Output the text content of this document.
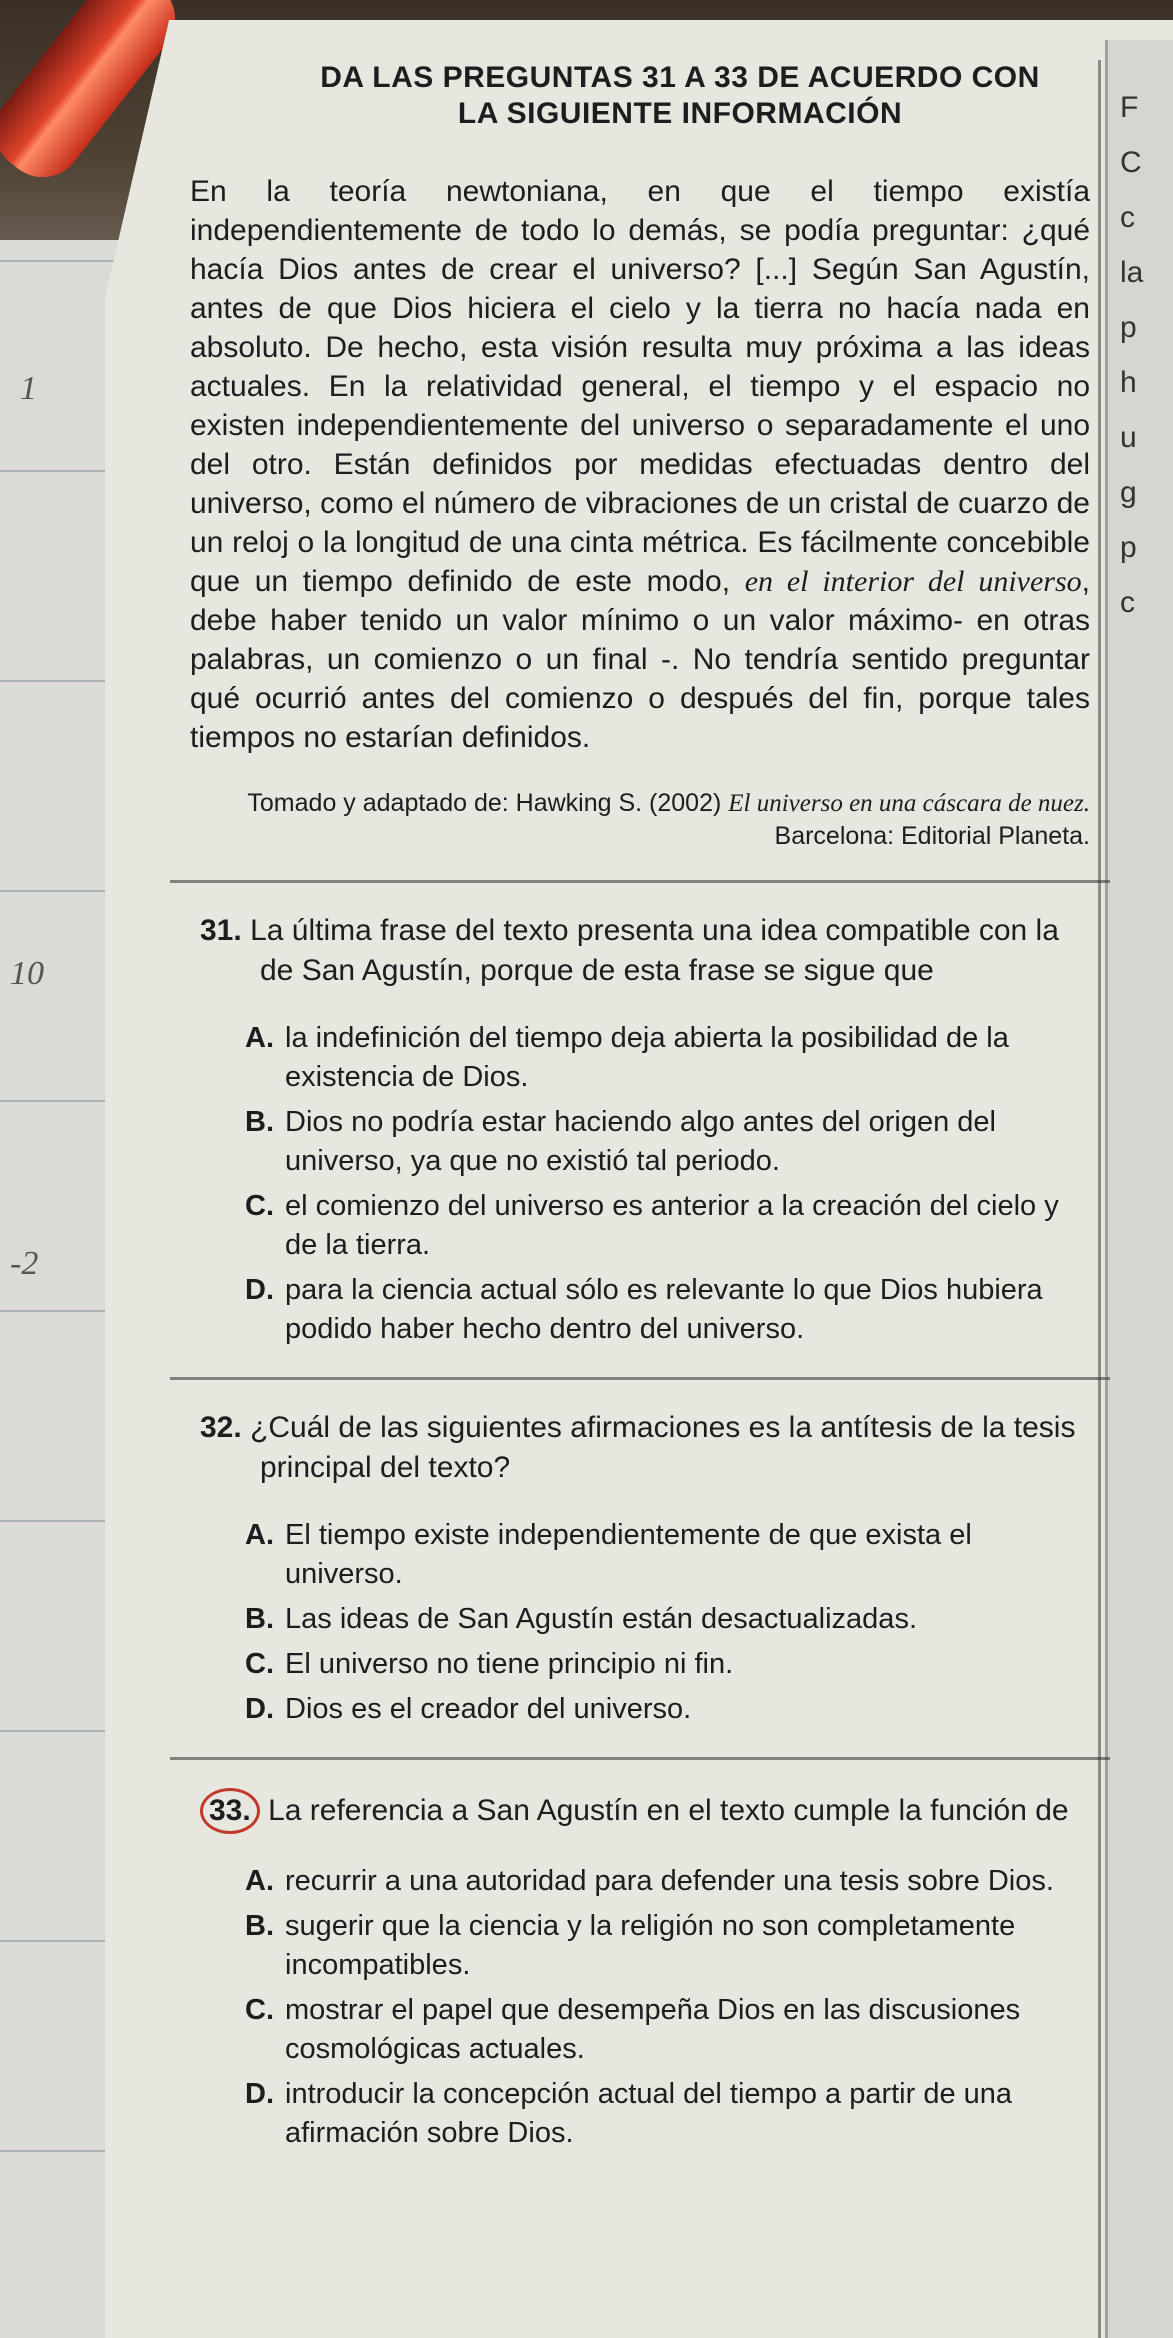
F
C
c
la
p
h
u
g
p
c
1
10
-2
DA LAS PREGUNTAS 31 A 33 DE ACUERDO CON
LA SIGUIENTE INFORMACIÓN
En la teoría newtoniana, en que el tiempo existía independientemente de todo lo demás, se podía preguntar: ¿qué hacía Dios antes de crear el universo? [...] Según San Agustín, antes de que Dios hiciera el cielo y la tierra no hacía nada en absoluto. De hecho, esta visión resulta muy próxima a las ideas actuales. En la relatividad general, el tiempo y el espacio no existen independientemente del universo o separadamente el uno del otro. Están definidos por medidas efectuadas dentro del universo, como el número de vibraciones de un cristal de cuarzo de un reloj o la longitud de una cinta métrica. Es fácilmente concebible que un tiempo definido de este modo, en el interior del universo, debe haber tenido un valor mínimo o un valor máximo- en otras palabras, un comienzo o un final -. No tendría sentido preguntar qué ocurrió antes del comienzo o después del fin, porque tales tiempos no estarían definidos.
Tomado y adaptado de: Hawking S. (2002) El universo en una cáscara de nuez.
Barcelona: Editorial Planeta.
31. La última frase del texto presenta una idea compatible con la de San Agustín, porque de esta frase se sigue que
A. la indefinición del tiempo deja abierta la posibilidad de la existencia de Dios.
B. Dios no podría estar haciendo algo antes del origen del universo, ya que no existió tal periodo.
C. el comienzo del universo es anterior a la creación del cielo y de la tierra.
D. para la ciencia actual sólo es relevante lo que Dios hubiera podido haber hecho dentro del universo.
32. ¿Cuál de las siguientes afirmaciones es la antítesis de la tesis principal del texto?
A. El tiempo existe independientemente de que exista el universo.
B. Las ideas de San Agustín están desactualizadas.
C. El universo no tiene principio ni fin.
D. Dios es el creador del universo.
33. La referencia a San Agustín en el texto cumple la función de
A. recurrir a una autoridad para defender una tesis sobre Dios.
B. sugerir que la ciencia y la religión no son completamente incompatibles.
C. mostrar el papel que desempeña Dios en las discusiones cosmológicas actuales.
D. introducir la concepción actual del tiempo a partir de una afirmación sobre Dios.
